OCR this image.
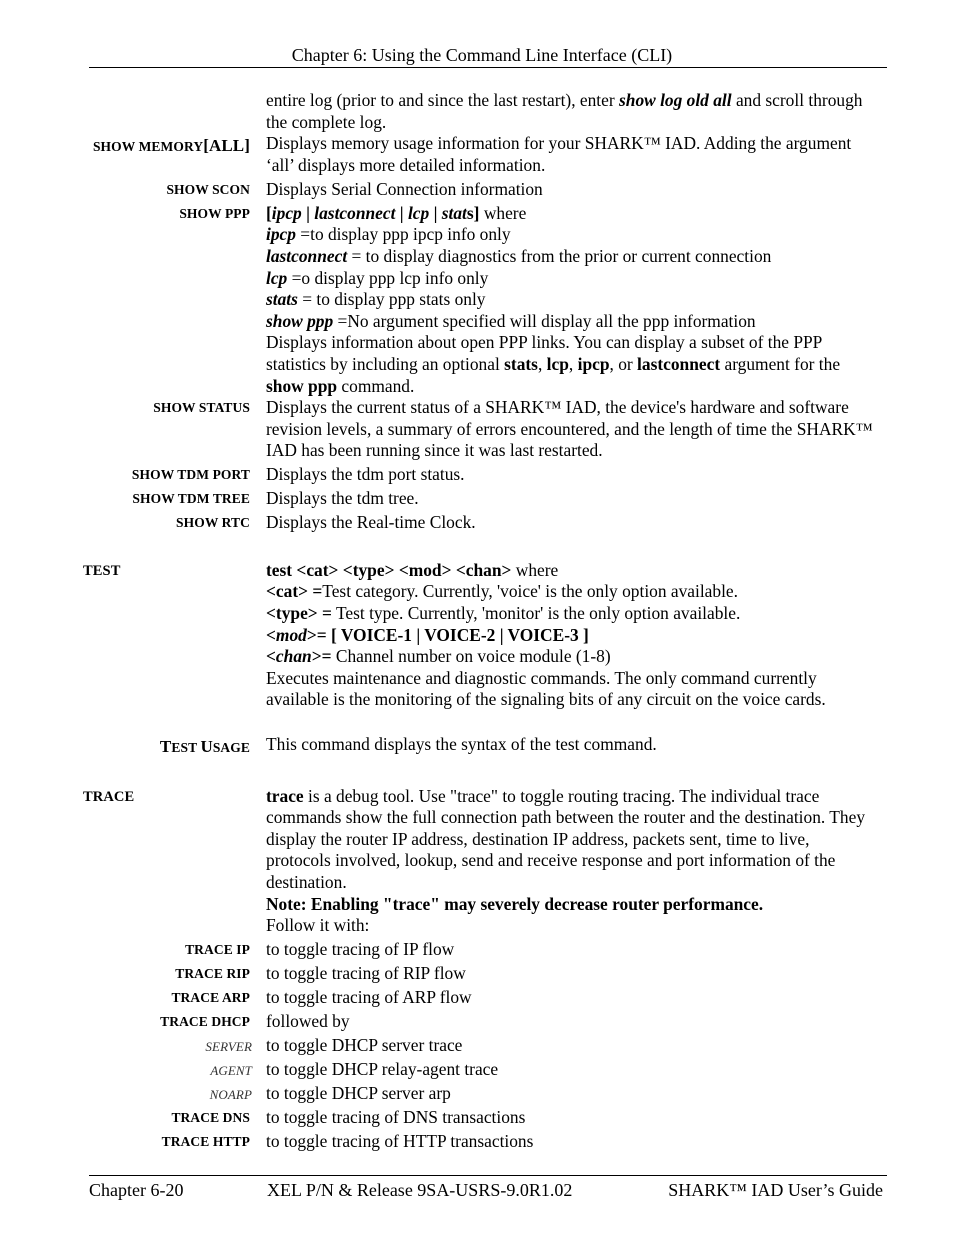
Chapter 6: Using the Command Line Interface (CLI)

entire log (prior to and since the last restart), enter show log old all and scroll through the complete log.

SHOW MEMORY[ALL] Displays memory usage information for your SHARK™ IAD. Adding the argument ‘all’ displays more detailed information.

SHOW SCON Displays Serial Connection information

SHOW PPP [ipcp | lastconnect | lcp | stats] where

ipcp =to display ppp ipcp info only

lastconnect = to display diagnostics from the prior or current connection

lcp =o display ppp lcp info only

stats = to display ppp stats only

show ppp =No argument specified will display all the ppp information

Displays information about open PPP links. You can display a subset of the PPP statistics by including an optional stats, lcp, ipcp, or lastconnect argument for the show ppp command.

SHOW STATUS Displays the current status of a SHARK™ IAD, the device's hardware and software revision levels, a summary of errors encountered, and the length of time the SHARK™ IAD has been running since it was last restarted.

SHOW TDM PORT Displays the tdm port status.

SHOW TDM TREE Displays the tdm tree.

SHOW RTC Displays the Real-time Clock.

TEST	test <cat> <type> <mod> <chan> where

<cat> =Test category. Currently, 'voice' is the only option available.

<type> = Test type. Currently, 'monitor' is the only option available.

<mod>= [ VOICE-1 | VOICE-2 | VOICE-3 ]

<chan>= Channel number on voice module (1-8)

Executes maintenance and diagnostic commands. The only command currently available is the monitoring of the signaling bits of any circuit on the voice cards.

TEST USAGE This command displays the syntax of the test command.

TRACE	trace is a debug tool. Use "trace" to toggle routing tracing. The individual trace commands show the full connection path between the router and the destination. They display the router IP address, destination IP address, packets sent, time to live, protocols involved, lookup, send and receive response and port information of the destination.

Note: Enabling "trace" may severely decrease router performance.

Follow it with:

TRACE IP to toggle tracing of IP flow

TRACE RIP to toggle tracing of RIP flow

TRACE ARP to toggle tracing of ARP flow

TRACE DHCP followed by

SERVER to toggle DHCP server trace

AGENT to toggle DHCP relay-agent trace

NOARP to toggle DHCP server arp

TRACE DNS to toggle tracing of DNS transactions

TRACE HTTP to toggle tracing of HTTP transactions

Chapter 6-20	XEL P/N & Release 9SA-USRS-9.0R1.02	SHARK™ IAD User’s Guide
